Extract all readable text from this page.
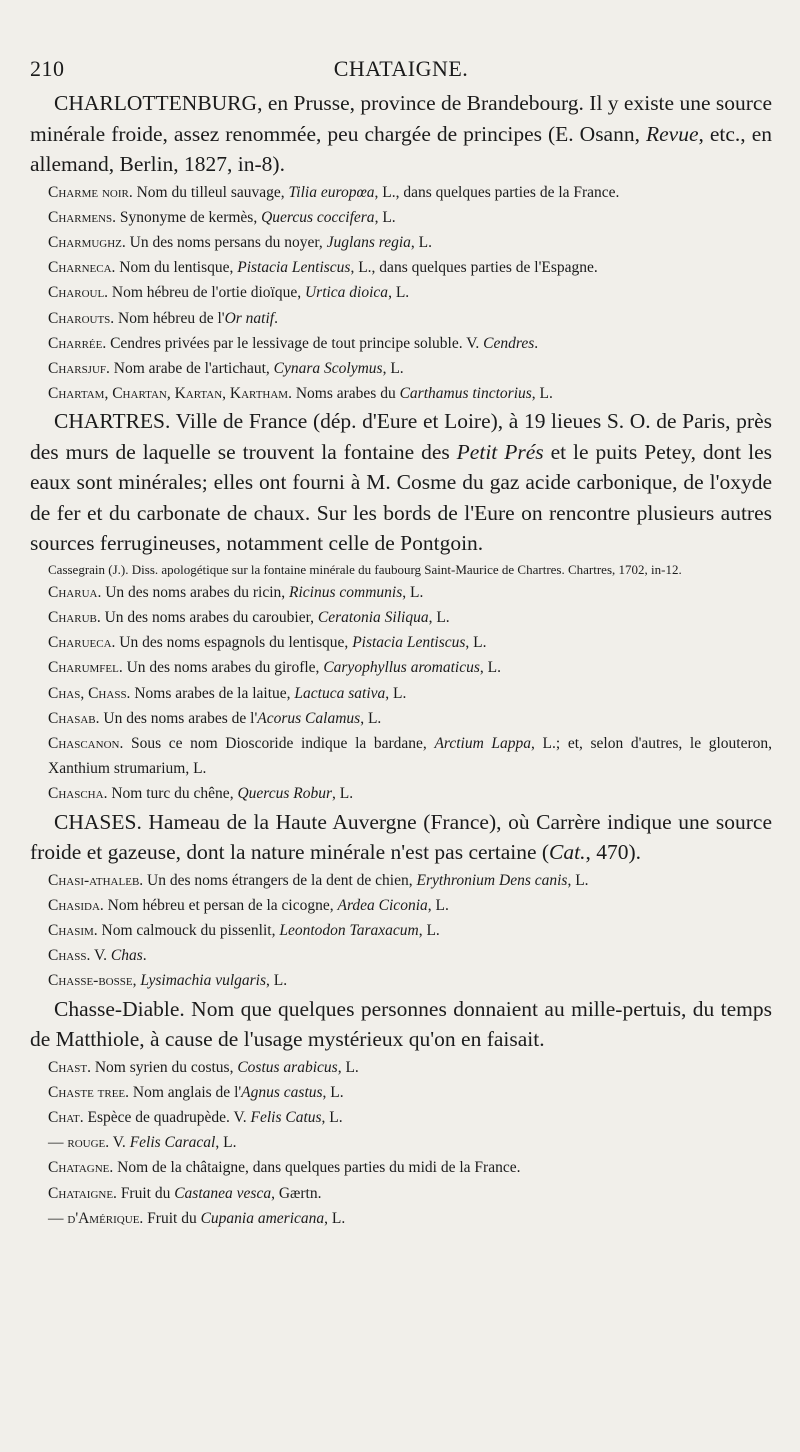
210	CHATAIGNE.

CHARLOTTENBURG, en Prusse, province de Brandebourg. Il y existe une source minérale froide, assez renommée, peu chargée de principes (E. Osann, Revue, etc., en allemand, Berlin, 1827, in-8).

Charme noir. Nom du tilleul sauvage, Tilia europœa, L., dans quelques parties de la France.

Charmens. Synonyme de kermès, Quercus coccifera, L.

Charmughz. Un des noms persans du noyer, Juglans regia, L.

Charneca. Nom du lentisque, Pistacia Lentiscus, L., dans quelques parties de l'Espagne.

Charoul. Nom hébreu de l'ortie dioïque, Urtica dioica, L.

Charouts. Nom hébreu de l'Or natif.

Charrée. Cendres privées par le lessivage de tout principe soluble. V. Cendres.

Charsjuf. Nom arabe de l'artichaut, Cynara Scolymus, L.

Chartam, Chartan, Kartan, Kartham. Noms arabes du Carthamus tinctorius, L.

CHARTRES. Ville de France (dép. d'Eure et Loire), à 19 lieues S. O. de Paris, près des murs de laquelle se trouvent la fontaine des Petit Prés et le puits Petey, dont les eaux sont minérales; elles ont fourni à M. Cosme du gaz acide carbonique, de l'oxyde de fer et du carbonate de chaux. Sur les bords de l'Eure on rencontre plusieurs autres sources ferrugineuses, notamment celle de Pontgoin.

Cassegrain (J.). Diss. apologétique sur la fontaine minérale du faubourg Saint-Maurice de Chartres. Chartres, 1702, in-12.

Charua. Un des noms arabes du ricin, Ricinus communis, L.

Charub. Un des noms arabes du caroubier, Ceratonia Siliqua, L.

Charueca. Un des noms espagnols du lentisque, Pistacia Lentiscus, L.

Charumfel. Un des noms arabes du girofle, Caryophyllus aromaticus, L.

Chas, Chass. Noms arabes de la laitue, Lactuca sativa, L.

Chasab. Un des noms arabes de l'Acorus Calamus, L.

Chascanon. Sous ce nom Dioscoride indique la bardane, Arctium Lappa, L.; et, selon d'autres, le glouteron, Xanthium strumarium, L.

Chascha. Nom turc du chêne, Quercus Robur, L.

CHASES. Hameau de la Haute Auvergne (France), où Carrère indique une source froide et gazeuse, dont la nature minérale n'est pas certaine (Cat., 470).

Chasi-athaleb. Un des noms étrangers de la dent de chien, Erythronium Dens canis, L.

Chasida. Nom hébreu et persan de la cicogne, Ardea Ciconia, L.

Chasim. Nom calmouck du pissenlit, Leontodon Taraxacum, L.

Chass. V. Chas.

Chasse-bosse, Lysimachia vulgaris, L.

Chasse-Diable. Nom que quelques personnes donnaient au mille-pertuis, du temps de Matthiole, à cause de l'usage mystérieux qu'on en faisait.

Chast. Nom syrien du costus, Costus arabicus, L.

Chaste tree. Nom anglais de l'Agnus castus, L.

Chat. Espèce de quadrupède. V. Felis Catus, L.

— rouge. V. Felis Caracal, L.

Chatagne. Nom de la châtaigne, dans quelques parties du midi de la France.

Chataigne. Fruit du Castanea vesca, Gærtn.

— d'Amérique. Fruit du Cupania americana, L.
